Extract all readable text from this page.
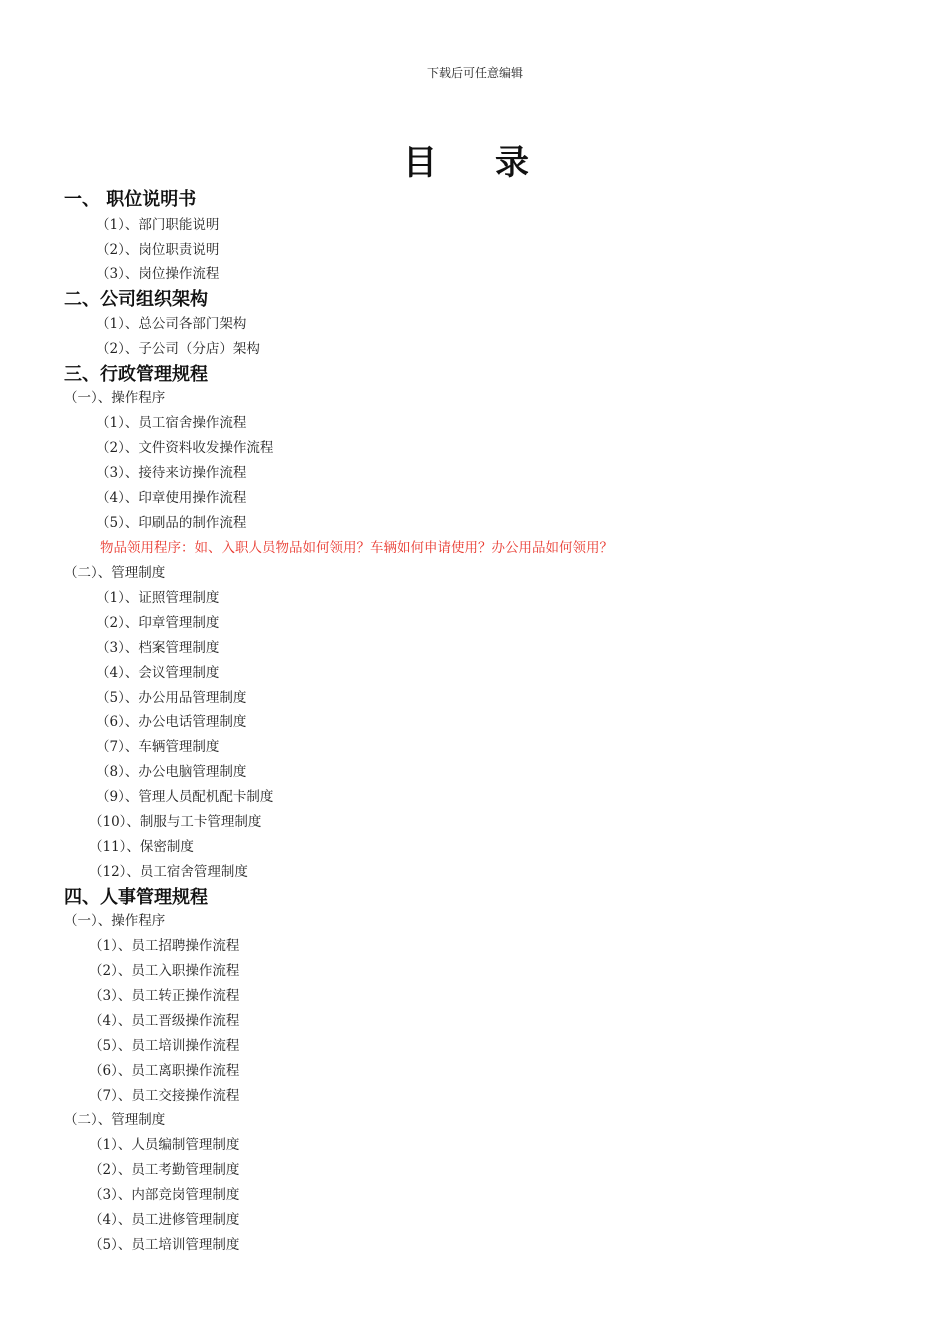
下载后可任意编辑
目 录
一、 职位说明书
（1）、部门职能说明
（2）、岗位职责说明
（3）、岗位操作流程
二、公司组织架构
（1）、总公司各部门架构
（2）、子公司（分店）架构
三、行政管理规程
（一）、操作程序
（1）、员工宿舍操作流程
（2）、文件资料收发操作流程
（3）、接待来访操作流程
（4）、印章使用操作流程
（5）、印刷品的制作流程
物品领用程序：如、入职人员物品如何领用？车辆如何申请使用？办公用品如何领用？
（二）、管理制度
（1）、证照管理制度
（2）、印章管理制度
（3）、档案管理制度
（4）、会议管理制度
（5）、办公用品管理制度
（6）、办公电话管理制度
（7）、车辆管理制度
（8）、办公电脑管理制度
（9）、管理人员配机配卡制度
（10）、制服与工卡管理制度
（11）、保密制度
（12）、员工宿舍管理制度
四、人事管理规程
（一）、操作程序
（1）、员工招聘操作流程
（2）、员工入职操作流程
（3）、员工转正操作流程
（4）、员工晋级操作流程
（5）、员工培训操作流程
（6）、员工离职操作流程
（7）、员工交接操作流程
（二）、管理制度
（1）、人员编制管理制度
（2）、员工考勤管理制度
（3）、内部竞岗管理制度
（4）、员工进修管理制度
（5）、员工培训管理制度
